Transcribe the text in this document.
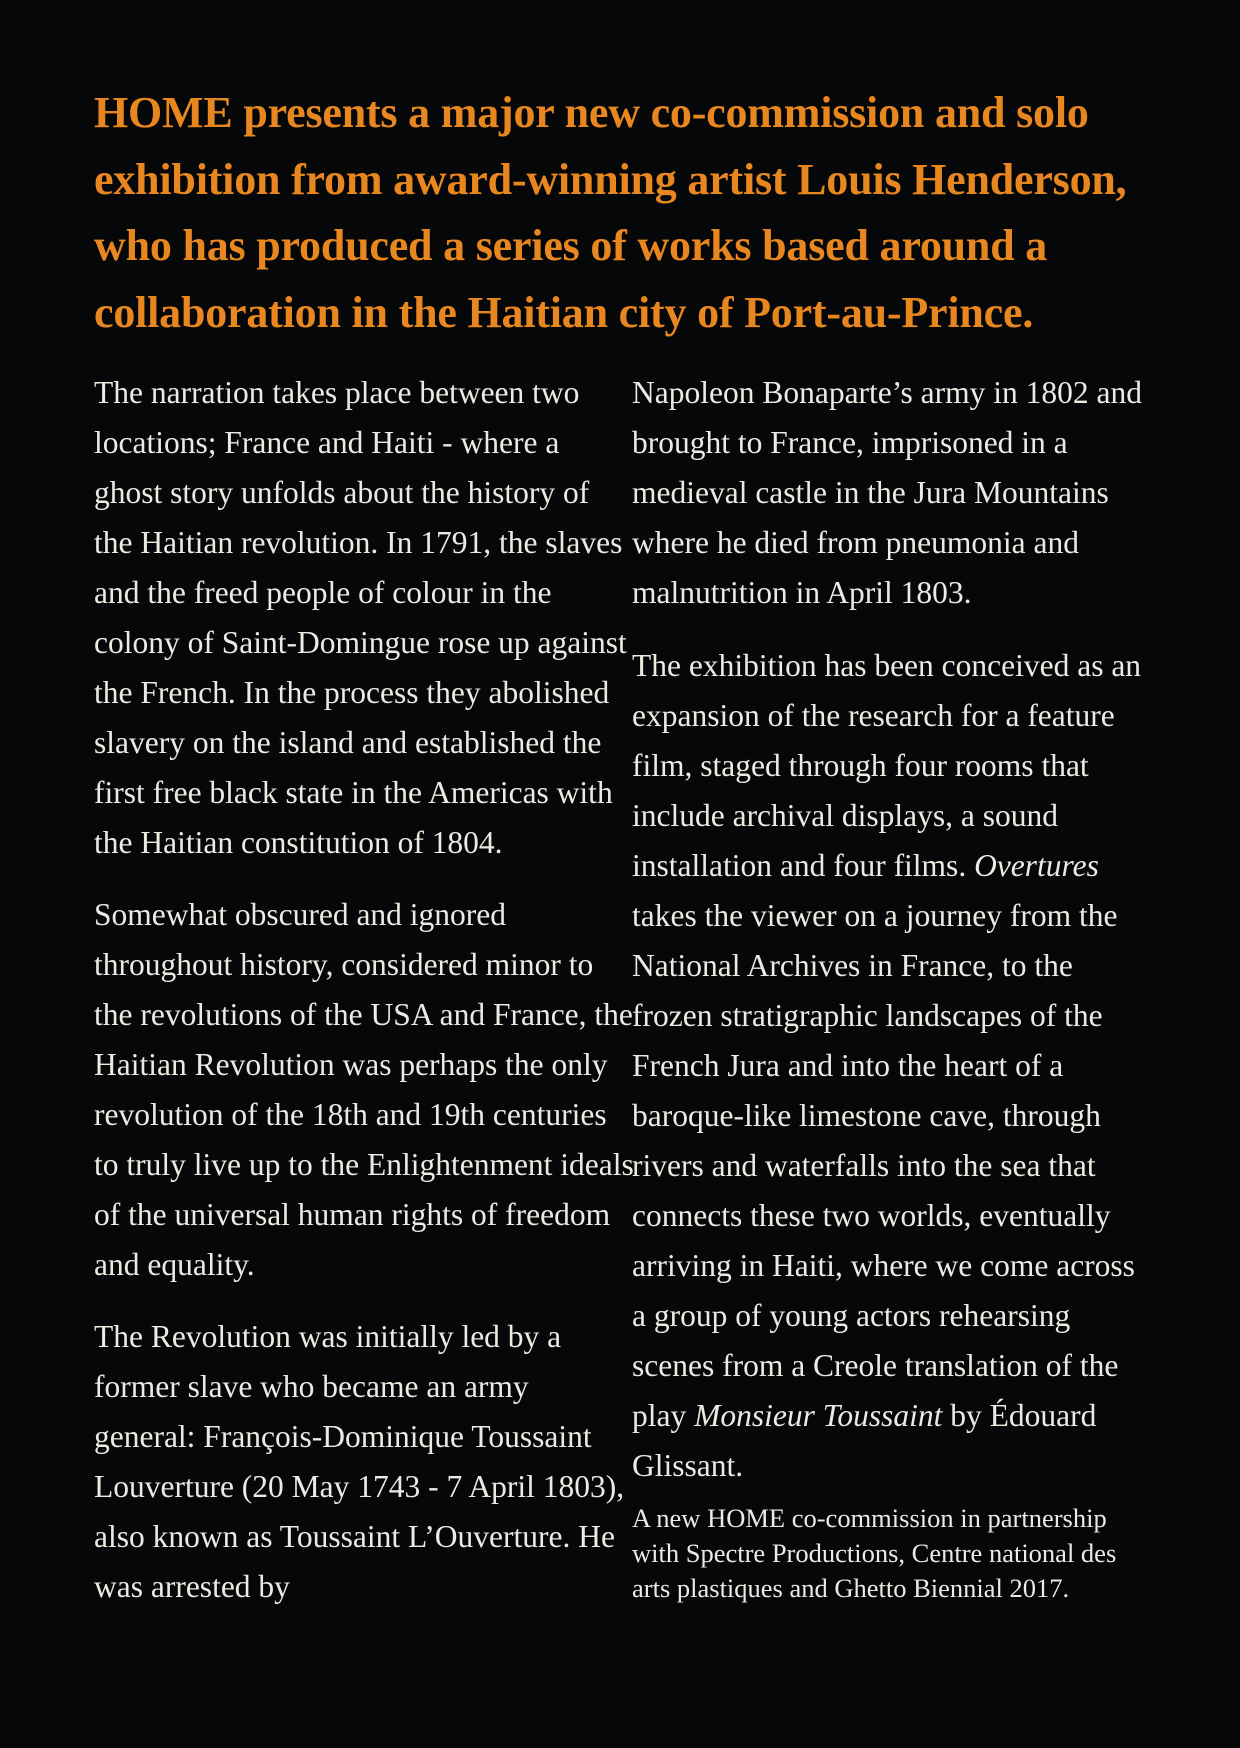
HOME presents a major new co-commission and solo exhibition from award-winning artist Louis Henderson, who has produced a series of works based around a collaboration in the Haitian city of Port-au-Prince.

The narration takes place between two locations; France and Haiti - where a ghost story unfolds about the history of the Haitian revolution. In 1791, the slaves and the freed people of colour in the colony of Saint-Domingue rose up against the French. In the process they abolished slavery on the island and established the first free black state in the Americas with the Haitian constitution of 1804.

Somewhat obscured and ignored throughout history, considered minor to the revolutions of the USA and France, the Haitian Revolution was perhaps the only revolution of the 18th and 19th centuries to truly live up to the Enlightenment ideals of the universal human rights of freedom and equality.

The Revolution was initially led by a former slave who became an army general: François-Dominique Toussaint Louverture (20 May 1743 - 7 April 1803), also known as Toussaint L’Ouverture. He was arrested by

Napoleon Bonaparte’s army in 1802 and brought to France, imprisoned in a medieval castle in the Jura Mountains where he died from pneumonia and malnutrition in April 1803.

The exhibition has been conceived as an expansion of the research for a feature film, staged through four rooms that include archival displays, a sound installation and four films. Overtures takes the viewer on a journey from the National Archives in France, to the frozen stratigraphic landscapes of the French Jura and into the heart of a baroque-like limestone cave, through rivers and waterfalls into the sea that connects these two worlds, eventually arriving in Haiti, where we come across a group of young actors rehearsing scenes from a Creole translation of the play Monsieur Toussaint by Édouard Glissant.

A new HOME co-commission in partnership with Spectre Productions, Centre national des arts plastiques and Ghetto Biennial 2017.
